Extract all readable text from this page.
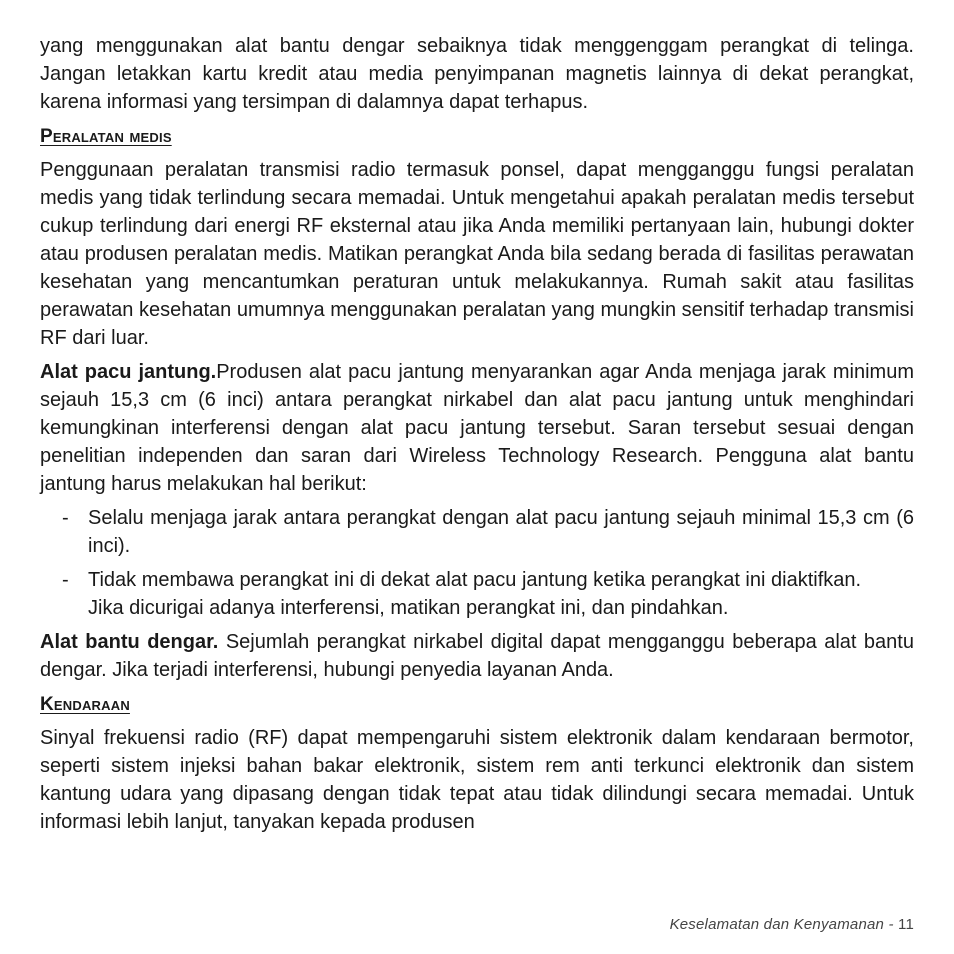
yang menggunakan alat bantu dengar sebaiknya tidak menggenggam perangkat di telinga. Jangan letakkan kartu kredit atau media penyimpanan magnetis lainnya di dekat perangkat, karena informasi yang tersimpan di dalamnya dapat terhapus.

Peralatan medis

Penggunaan peralatan transmisi radio termasuk ponsel, dapat mengganggu fungsi peralatan medis yang tidak terlindung secara memadai. Untuk mengetahui apakah peralatan medis tersebut cukup terlindung dari energi RF eksternal atau jika Anda memiliki pertanyaan lain, hubungi dokter atau produsen peralatan medis. Matikan perangkat Anda bila sedang berada di fasilitas perawatan kesehatan yang mencantumkan peraturan untuk melakukannya. Rumah sakit atau fasilitas perawatan kesehatan umumnya menggunakan peralatan yang mungkin sensitif terhadap transmisi RF dari luar.

Alat pacu jantung.Produsen alat pacu jantung menyarankan agar Anda menjaga jarak minimum sejauh 15,3 cm (6 inci) antara perangkat nirkabel dan alat pacu jantung untuk menghindari kemungkinan interferensi dengan alat pacu jantung tersebut. Saran tersebut sesuai dengan penelitian independen dan saran dari Wireless Technology Research. Pengguna alat bantu jantung harus melakukan hal berikut:

- Selalu menjaga jarak antara perangkat dengan alat pacu jantung sejauh minimal 15,3 cm (6 inci).
- Tidak membawa perangkat ini di dekat alat pacu jantung ketika perangkat ini diaktifkan.
Jika dicurigai adanya interferensi, matikan perangkat ini, dan pindahkan.

Alat bantu dengar. Sejumlah perangkat nirkabel digital dapat mengganggu beberapa alat bantu dengar. Jika terjadi interferensi, hubungi penyedia layanan Anda.

Kendaraan

Sinyal frekuensi radio (RF) dapat mempengaruhi sistem elektronik dalam kendaraan bermotor, seperti sistem injeksi bahan bakar elektronik, sistem rem anti terkunci elektronik dan sistem kantung udara yang dipasang dengan tidak tepat atau tidak dilindungi secara memadai. Untuk informasi lebih lanjut, tanyakan kepada produsen

Keselamatan dan Kenyamanan - 11
